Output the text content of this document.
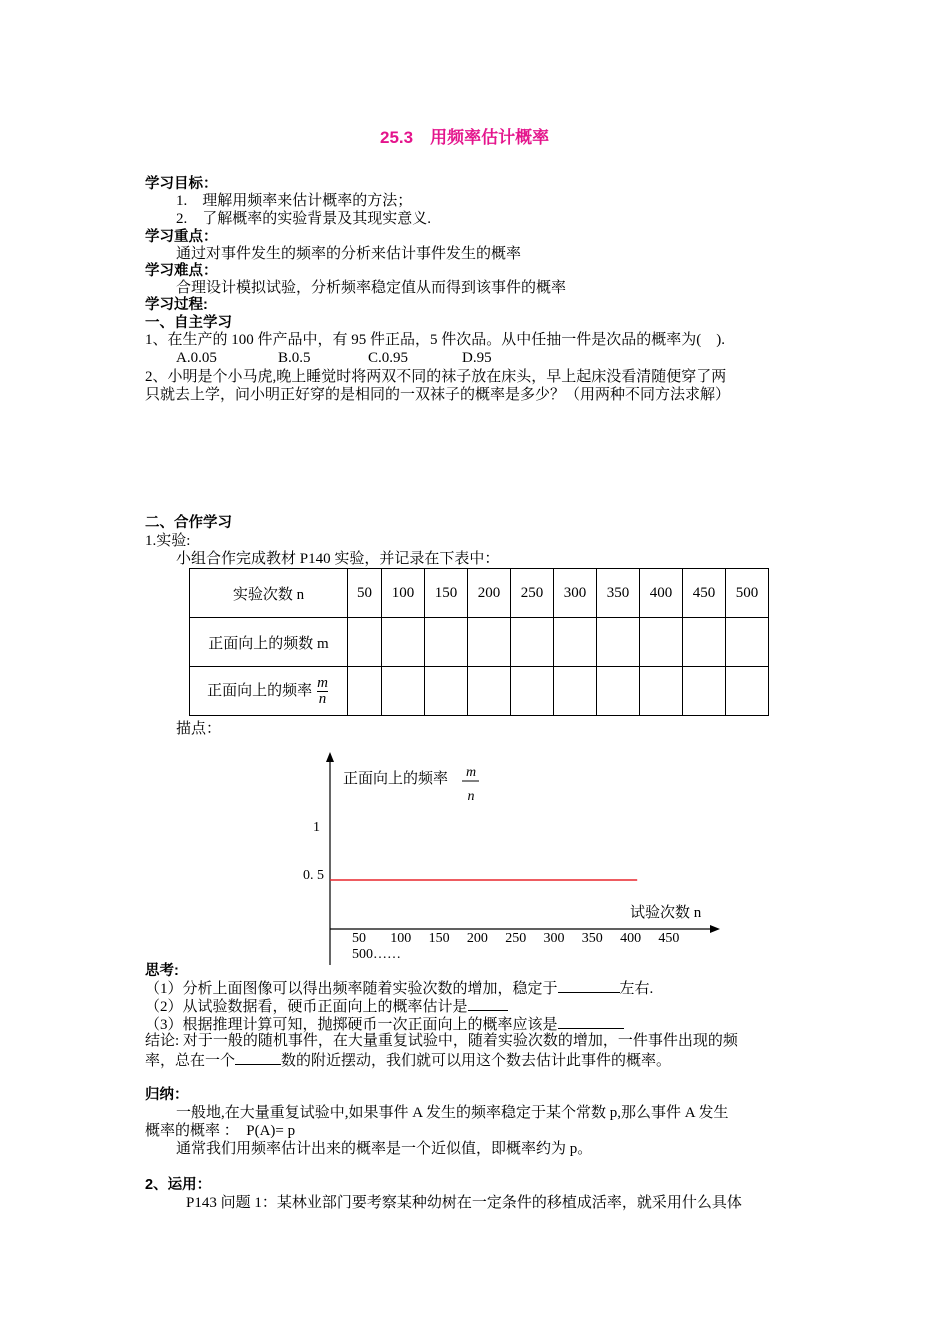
25.3　用频率估计概率
学习目标：
1.　理解用频率来估计概率的方法；
2.　了解概率的实验背景及其现实意义.
学习重点：
通过对事件发生的频率的分析来估计事件发生的概率
学习难点：
合理设计模拟试验，分析频率稳定值从而得到该事件的概率
学习过程:
一、自主学习
1、在生产的 100 件产品中，有 95 件正品，5 件次品。从中任抽一件是次品的概率为(　).
A.0.05	B.0.5	C.0.95	D.95
2、小明是个小马虎,晚上睡觉时将两双不同的袜子放在床头，早上起床没看清随便穿了两
只就去上学，问小明正好穿的是相同的一双袜子的概率是多少？（用两种不同方法求解）
二、合作学习
1.实验:
小组合作完成教材 P140 实验，并记录在下表中：
实验次数 n	50	100	150	200	250	300	350	400	450	500
正面向上的频数 m										
正面向上的频率 $\frac{m}{n}$

描点：
正面向上的频率 m
n
1
0. 5
试验次数 n
50 100 150 200 250 300 350 400 450
500……
思考:
（1）分析上面图像可以得出频率随着实验次数的增加，稳定于	左右.
（2）从试验数据看，硬币正面向上的概率估计是
（3）根据推理计算可知，抛掷硬币一次正面向上的概率应该是
结论: 对于一般的随机事件，在大量重复试验中，随着实验次数的增加，一件事件出现的频
率，总在一个	数的附近摆动，我们就可以用这个数去估计此事件的概率。
归纳：
一般地,在大量重复试验中,如果事件 A 发生的频率稳定于某个常数 p,那么事件 A 发生
概率的概率 ：　P(A)= p
通常我们用频率估计出来的概率是一个近似值，即概率约为 p。
2、运用：
P143 问题 1：某林业部门要考察某种幼树在一定条件的移植成活率，就采用什么具体
